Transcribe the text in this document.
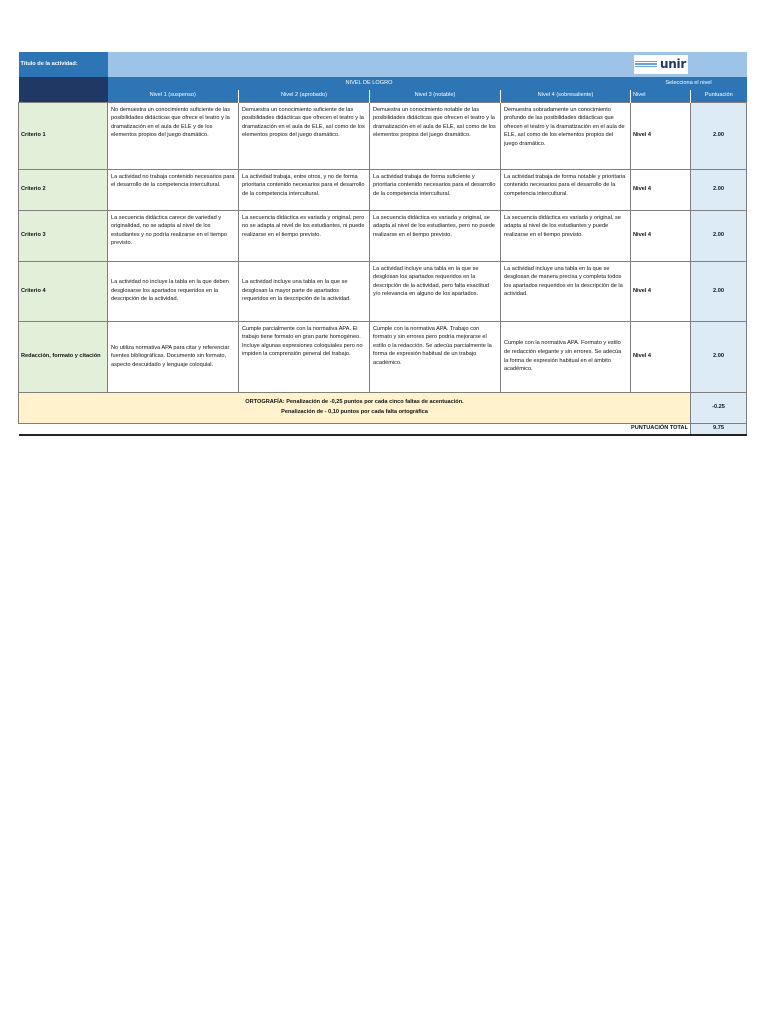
Título de la actividad:					unir	

	NIVEL DE LOGRO				Selecciona el nivel	
	Nivel 1 (suspenso)	Nivel 2 (aprobado)	Nivel 3 (notable)	Nivel 4 (sobresaliente)	Nivel	Puntuación
Criterio 1	No demuestra un conocimiento suficiente de las posibilidades didácticas que ofrece el teatro y la dramatización en el aula de ELE y de los elementos propios del juego dramático.	Demuestra un conocimiento suficiente de las posibilidades didácticas que ofrecen el teatro y la dramatización en el aula de ELE, así como de los elementos propios del juego dramático.	Demuestra un conocimiento notable de las posibilidades didácticas que ofrecen el teatro y la dramatización en el aula de ELE, así como de los elementos propios del juego dramático.	Demuestra sobradamente un conocimiento profundo de las posibilidades didácticas que ofrecen el teatro y la dramatización en el aula de ELE, así como de los elementos propios del juego dramático.	Nivel 4	2.00
Criterio 2	La actividad no trabaja contenido necesarios para el desarrollo de la competencia intercultural.	La actividad trabaja, entre otros, y no de forma prioritaria contenido necesarios para el desarrollo de la competencia intercultural.	La actividad trabaja de forma suficiente y prioritaria contenido necesarios para el desarrollo de la competencia intercultural.	La actividad trabaja de forma notable y prioritaria contenido necesarios para el desarrollo de la competencia intercultural.	Nivel 4	2.00
Criterio 3	La secuencia didáctica carece de variedad y originalidad, no se adapta al nivel de los estudiantes y no podría realizarse en el tiempo previsto.	La secuencia didáctica es variada y original, pero no se adapta al nivel de los estudiantes, ni puede realizarse en el tiempo previsto.	La secuencia didáctica es variada y original, se adapta al nivel de los estudiantes, pero no puede realizarse en el tiempo previsto.	La secuencia didáctica es variada y original, se adapta al nivel de los estudiantes y puede realizarse en el tiempo previsto.	Nivel 4	2.00
Criterio 4	La actividad no incluye la tabla en la que deben desglosarse los apartados requeridos en la descripción de la actividad.	La actividad incluye una tabla en la que se desglosan la mayor parte de apartados requeridos en la descripción de la actividad.	La actividad incluye una tabla en la que se desglosan los apartados requeridos en la descripción de la actividad, pero falta exactitud y/o relevancia en alguno de los apartados.	La actividad incluye una tabla en la que se desglosan de manera precisa y completa todos los apartados requeridos en la descripción de la actividad.	Nivel 4	2.00
Redacción, formato y citación	No utiliza normativa APA para citar y referenciar fuentes bibliográficas. Documento sin formato, aspecto descuidado y lenguaje coloquial.	Cumple parcialmente con la normativa APA. El trabajo tiene formato en gran parte homogéneo. Incluye algunas expresiones coloquiales pero no impiden la comprensión general del trabajo.	Cumple con la normativa APA. Trabajo con formato y sin errores pero podría mejorarse el estilo o la redacción. Se adecúa parcialmente la forma de expresión habitual de un trabajo académico.	Cumple con la normativa APA. Formato y estilo de redacción elegante y sin errores. Se adecúa la forma de expresión habitual en el ámbito académico.	Nivel 4	2.00

ORTOGRAFÍA: Penalización de -0,25 puntos por cada cinco faltas de acentuación.
Penalización de - 0,10 puntos por cada falta ortográfica						-0.25
PUNTUACIÓN TOTAL						9.75
